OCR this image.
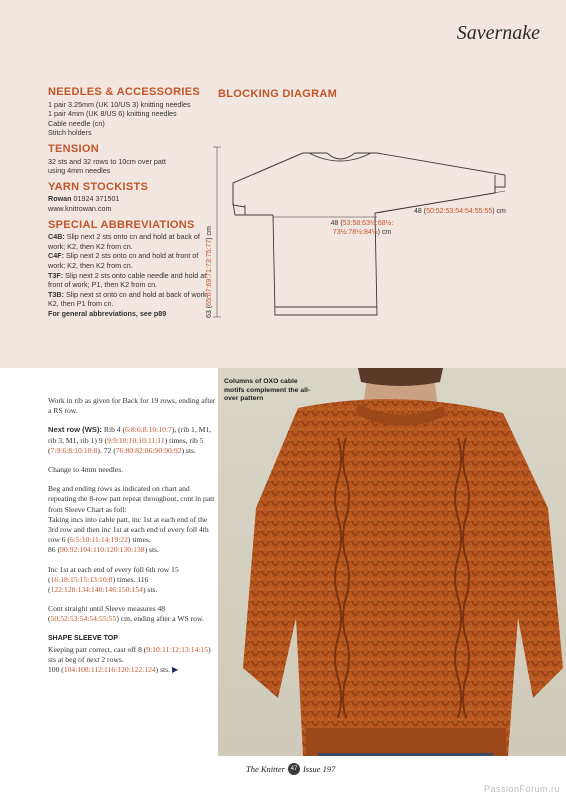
Savernake
NEEDLES & ACCESSORIES

1 pair 3.25mm (UK 10/US 3) knitting needles

1 pair 4mm (UK 8/US 6) knitting needles

Cable needle (cn)

Stitch holders

TENSION

32 sts and 32 rows to 10cm over patt

using 4mm needles

YARN STOCKISTS

Rowan 01924 371501

www.knitrowan.com

SPECIAL ABBREVIATIONS

C4B: Slip next 2 sts onto cn and hold at back of work; K2, then K2 from cn.

C4F: Slip next 2 sts onto cn and hold at front of work; K2, then K2 from cn.

T3F: Slip next 2 sts onto cable needle and hold at front of work; P1, then K2 from cn.

T3B: Slip next st onto cn and hold at back of work; K2, then P1 from cn.

For general abbreviations, see p89

BLOCKING DIAGRAM
48 (53:58:63½:68½:
73½:78½:84½) cm
48 (50:52:53:54:54:55:55) cm
63 (65:67:69:71:73:75:77) cm

Work in rib as given for Back for 19 rows, ending after a RS row.

Next row (WS): Rib 4 (6:8:6:8:10:10:7), (rib 1, M1, rib 3, M1, rib 1) 9 (9:9:10:10:10:11:11) times, rib 5 (7:9:6:8:10:10:8). 72 (76:80:82:86:90:90:92) sts.

Change to 4mm needles.

Beg and ending rows as indicated on chart and repeating the 8-row patt repeat throughout, cont in patt from Sleeve Chart as foll:
Taking incs into cable patt, inc 1st at each end of the 3rd row and then inc 1st at each end of every foll 4th row 6 (6:5:10:11:14:19:22) times.
86 (90:92:104:110:120:130:138) sts.

Inc 1st at each end of every foll 6th row 15 (16:18:15:15:13:10:8) times. 116 (122:128:134:140:146:150:154) sts.

Cont straight until Sleeve measures 48 (50:52:53:54:54:55:55) cm, ending after a WS row.

SHAPE SLEEVE TOP

Keeping patt correct, cast off 8 (9:10:11:12:13:14:15) sts at beg of next 2 rows.
100 (104:108:112:116:120:122:124) sts. ▶

Columns of OXO cable motifs complement the all-over pattern
The Knitter 47 Issue 197
PassionForum.ru
